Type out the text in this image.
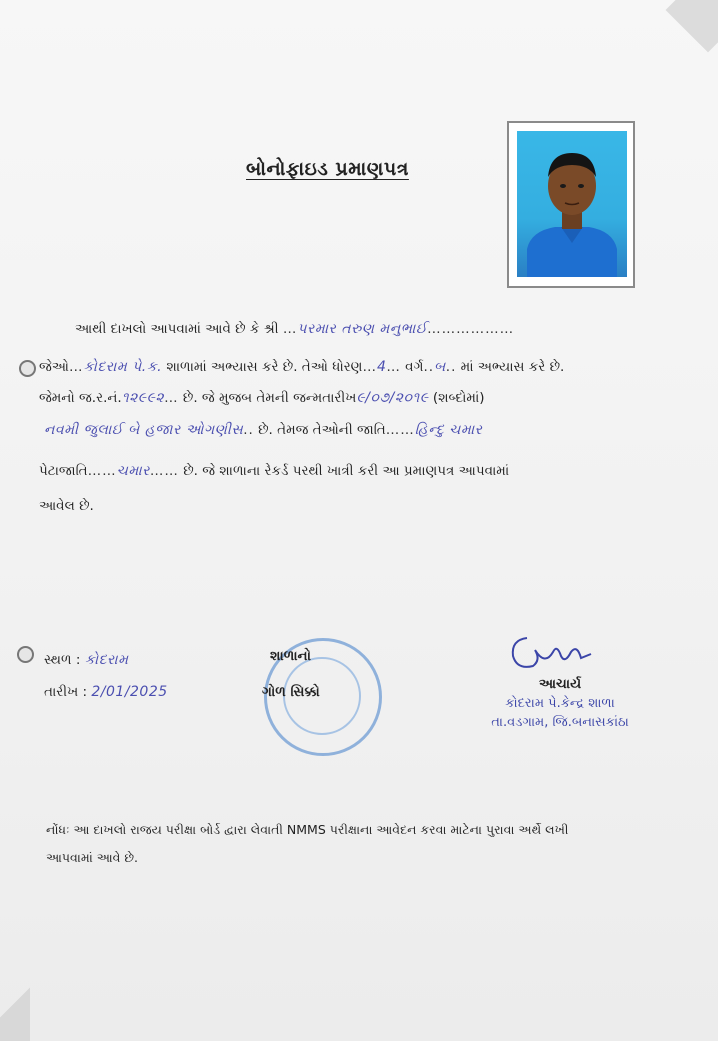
બોનોફાઇડ પ્રમાણપત્ર
આથી દાખલો આપવામાં આવે છે કે શ્રી …પરમાર તરુણ મનુભાઈ………………
જેઓ…કોદરામ પે.ક. શાળામાં અભ્યાસ કરે છે. તેઓ ધોરણ…4… વર્ગ..બ.. માં અભ્યાસ કરે છે.
જેમનો જ.ર.નં.૧૨૯૯૨… છે. જે મુજબ તેમની જન્મતારીખ૯/૦૭/૨૦૧૯ (શબ્દોમાં)
નવમી જુલાઈ બે હજાર ઓગણીસ.. છે. તેમજ તેઓની જાતિ……હિન્દુ ચમાર
પેટાજાતિ……ચમાર…… છે. જે શાળાના રેકર્ડ પરથી ખાત્રી કરી આ પ્રમાણપત્ર આપવામાં
આવેલ છે.
સ્થળ : કોદરામ
તારીખ : 2/01/2025
શાળાનો
ગોળ સિક્કો	આચાર્ય
કોદરામ પે.કેન્દ્ર શાળા
તા.વડગામ, જિ.બનાસકાંઠા
નોંધઃ આ દાખલો રાજય પરીક્ષા બોર્ડ દ્વારા લેવાતી NMMS પરીક્ષાના આવેદન કરવા માટેના પુરાવા અર્થે લખી
આપવામાં આવે છે.
